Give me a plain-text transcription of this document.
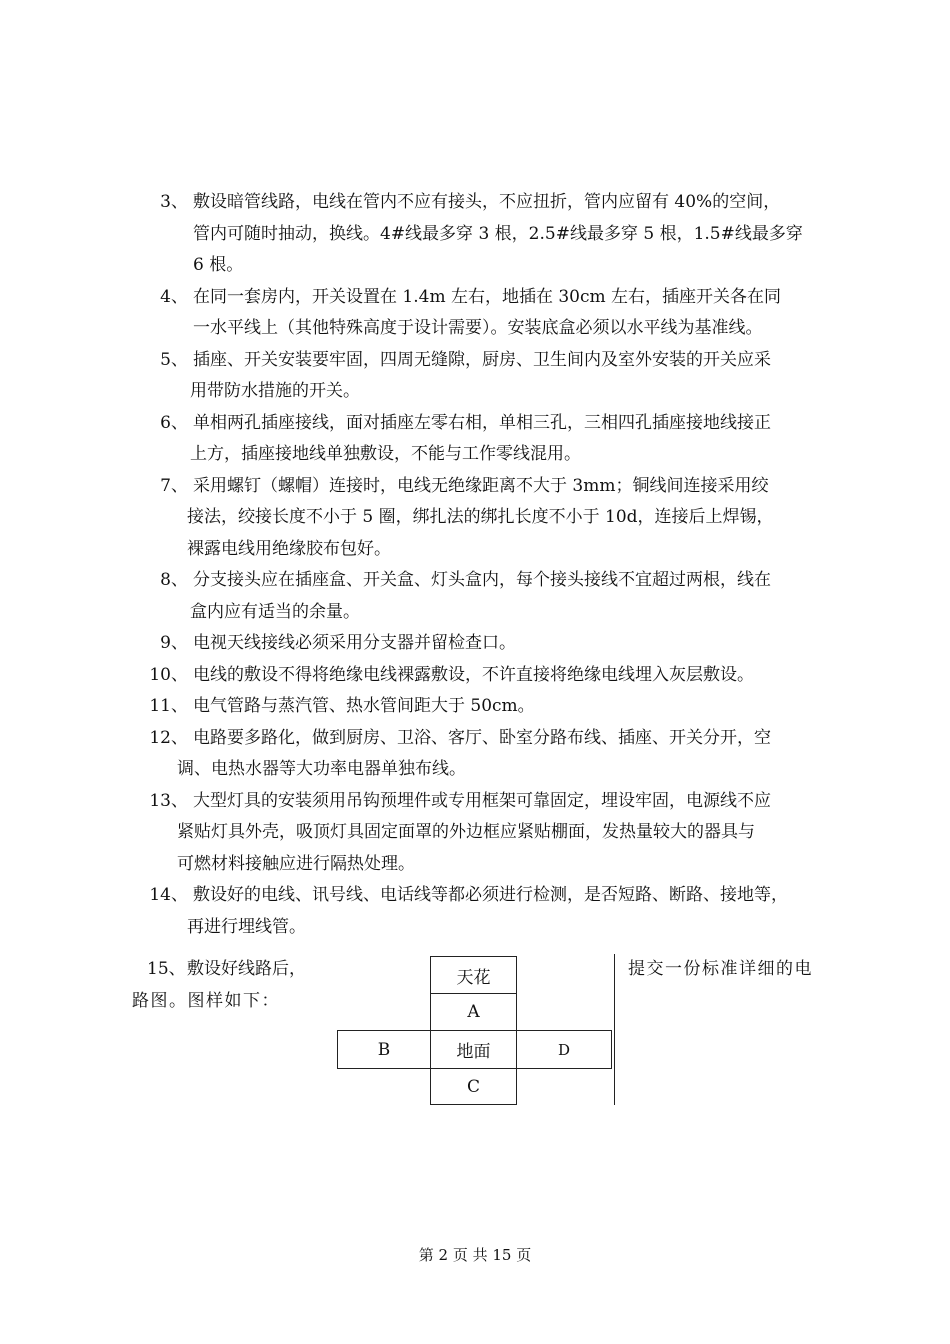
3、 敷设暗管线路，电线在管内不应有接头，不应扭折，管内应留有 40%的空间，
管内可随时抽动，换线。4#线最多穿 3 根，2.5#线最多穿 5 根，1.5#线最多穿
6 根。
4、 在同一套房内，开关设置在 1.4m 左右，地插在 30cm 左右，插座开关各在同
一水平线上（其他特殊高度于设计需要）。安装底盒必须以水平线为基准线。
5、 插座、开关安装要牢固，四周无缝隙，厨房、卫生间内及室外安装的开关应采
用带防水措施的开关。
6、 单相两孔插座接线，面对插座左零右相，单相三孔，三相四孔插座接地线接正
上方，插座接地线单独敷设，不能与工作零线混用。
7、 采用螺钉（螺帽）连接时，电线无绝缘距离不大于 3mm；铜线间连接采用绞
接法，绞接长度不小于 5 圈，绑扎法的绑扎长度不小于 10d，连接后上焊锡，
裸露电线用绝缘胶布包好。
8、 分支接头应在插座盒、开关盒、灯头盒内，每个接头接线不宜超过两根，线在
盒内应有适当的余量。
9、 电视天线接线必须采用分支器并留检查口。
10、 电线的敷设不得将绝缘电线裸露敷设，不许直接将绝缘电线埋入灰层敷设。
11、 电气管路与蒸汽管、热水管间距大于 50cm。
12、 电路要多路化，做到厨房、卫浴、客厅、卧室分路布线、插座、开关分开，空
调、电热水器等大功率电器单独布线。
13、 大型灯具的安装须用吊钩预埋件或专用框架可靠固定，埋设牢固，电源线不应
紧贴灯具外壳，吸顶灯具固定面罩的外边框应紧贴棚面，发热量较大的器具与
可燃材料接触应进行隔热处理。
14、 敷设好的电线、讯号线、电话线等都必须进行检测，是否短路、断路、接地等，
再进行埋线管。
15、 敷设好线路后，	提交一份标准详细的电
路图。图样如下：
天花
A
B	地面	D
C
第 2 页 共 15 页
